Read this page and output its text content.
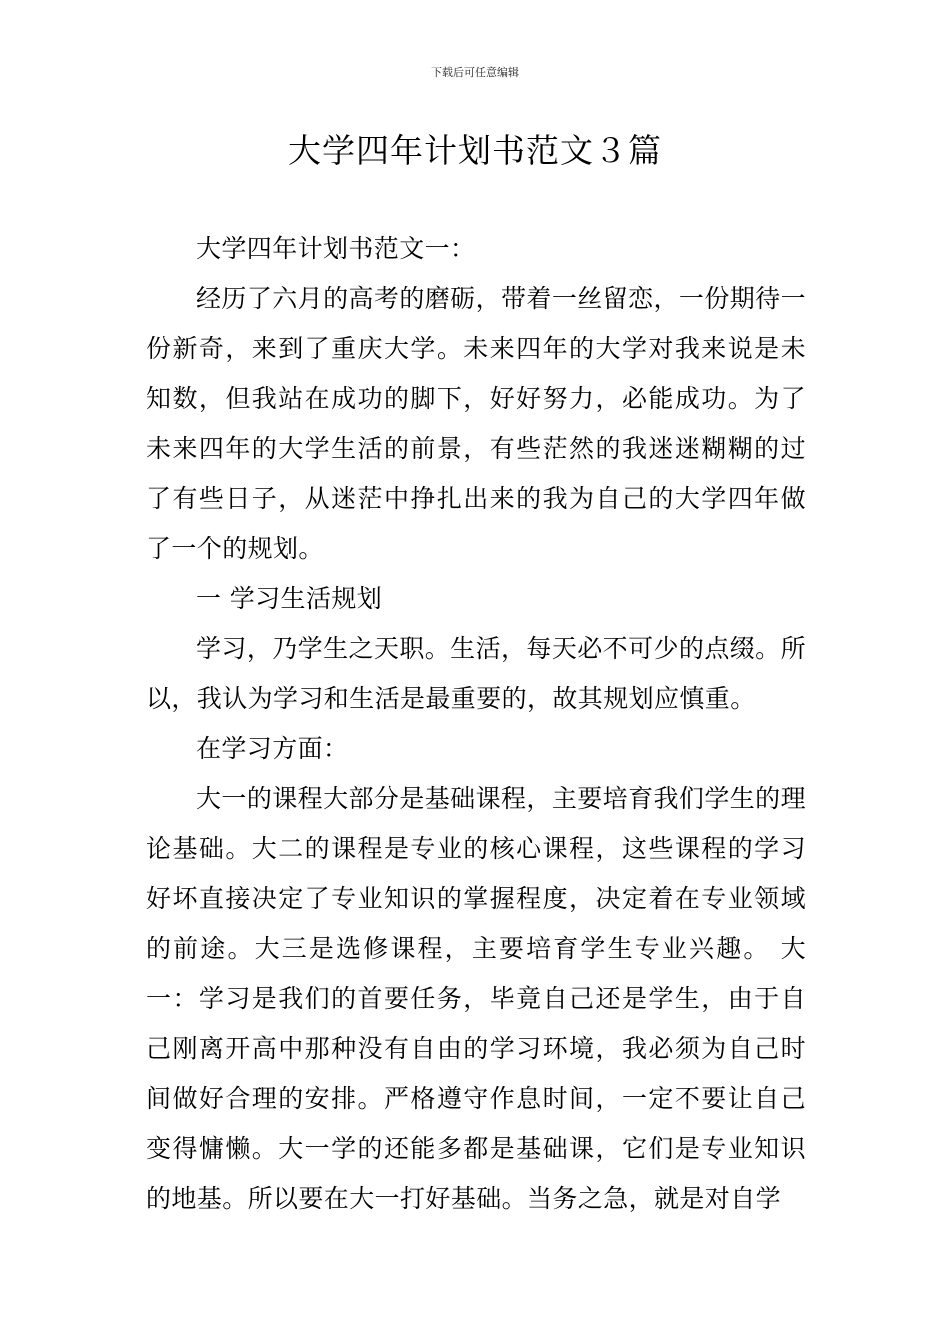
下载后可任意编辑
大学四年计划书范文３篇

大学四年计划书范文一：

经历了六月的高考的磨砺，带着一丝留恋，一份期待一份新奇，来到了重庆大学。未来四年的大学对我来说是未知数，但我站在成功的脚下，好好努力，必能成功。为了未来四年的大学生活的前景，有些茫然的我迷迷糊糊的过了有些日子，从迷茫中挣扎出来的我为自己的大学四年做了一个的规划。

一 学习生活规划

学习，乃学生之天职。生活，每天必不可少的点缀。所以，我认为学习和生活是最重要的，故其规划应慎重。

在学习方面：

大一的课程大部分是基础课程，主要培育我们学生的理论基础。大二的课程是专业的核心课程，这些课程的学习好坏直接决定了专业知识的掌握程度，决定着在专业领域的前途。大三是选修课程，主要培育学生专业兴趣。 大一：学习是我们的首要任务，毕竟自己还是学生，由于自己刚离开高中那种没有自由的学习环境，我必须为自己时间做好合理的安排。严格遵守作息时间，一定不要让自己变得慵懒。大一学的还能多都是基础课，它们是专业知识的地基。所以要在大一打好基础。当务之急，就是对自学
